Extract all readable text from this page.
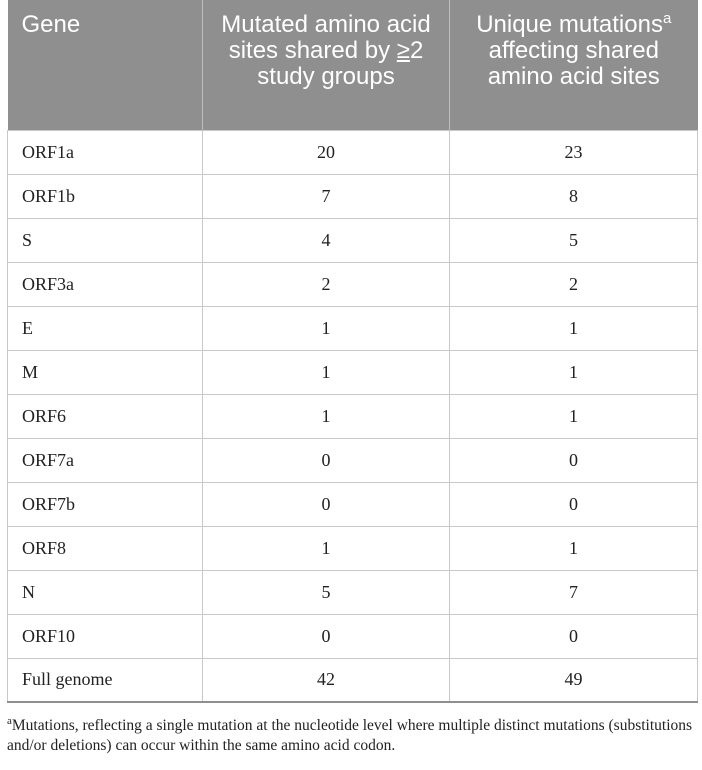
Gene	Mutated amino acid sites shared by ≥2 study groups	Unique mutations$^a$ affecting shared amino acid sites
ORF1a	20	23
ORF1b	7	8
S	4	5
ORF3a	2	2
E	1	1
M	1	1
ORF6	1	1
ORF7a	0	0
ORF7b	0	0
ORF8	1	1
N	5	7
ORF10	0	0
Full genome	42	49
$^a$Mutations, reflecting a single mutation at the nucleotide level where multiple distinct mutations (substitutions and/or deletions) can occur within the same amino acid codon.
